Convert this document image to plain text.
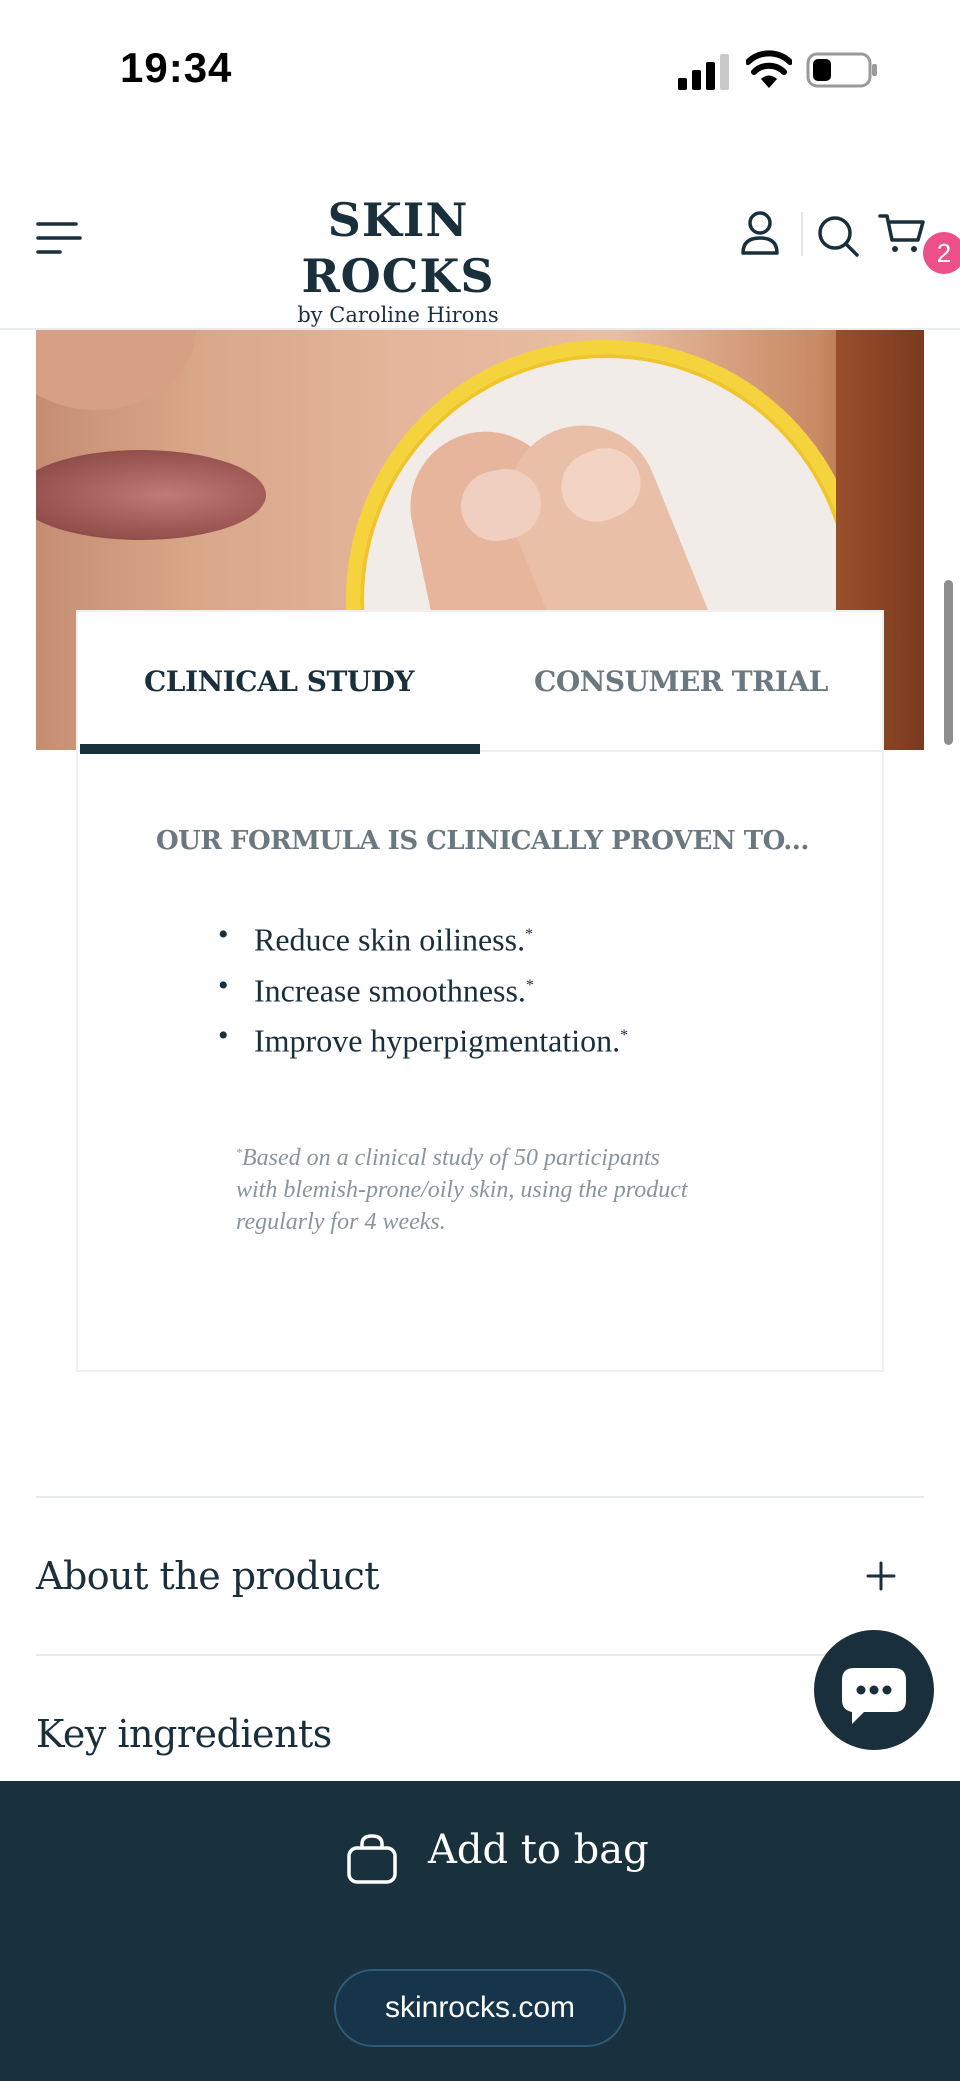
19:34
SKIN ROCKS
by Caroline Hirons
2
CLINICAL STUDY	CONSUMER TRIAL
OUR FORMULA IS CLINICALLY PROVEN TO...
• Reduce skin oiliness.*
• Increase smoothness.*
• Improve hyperpigmentation.*

*Based on a clinical study of 50 participants
with blemish-prone/oily skin, using the product
regularly for 4 weeks.

About the product
Key ingredients
Add to bag
skinrocks.com
